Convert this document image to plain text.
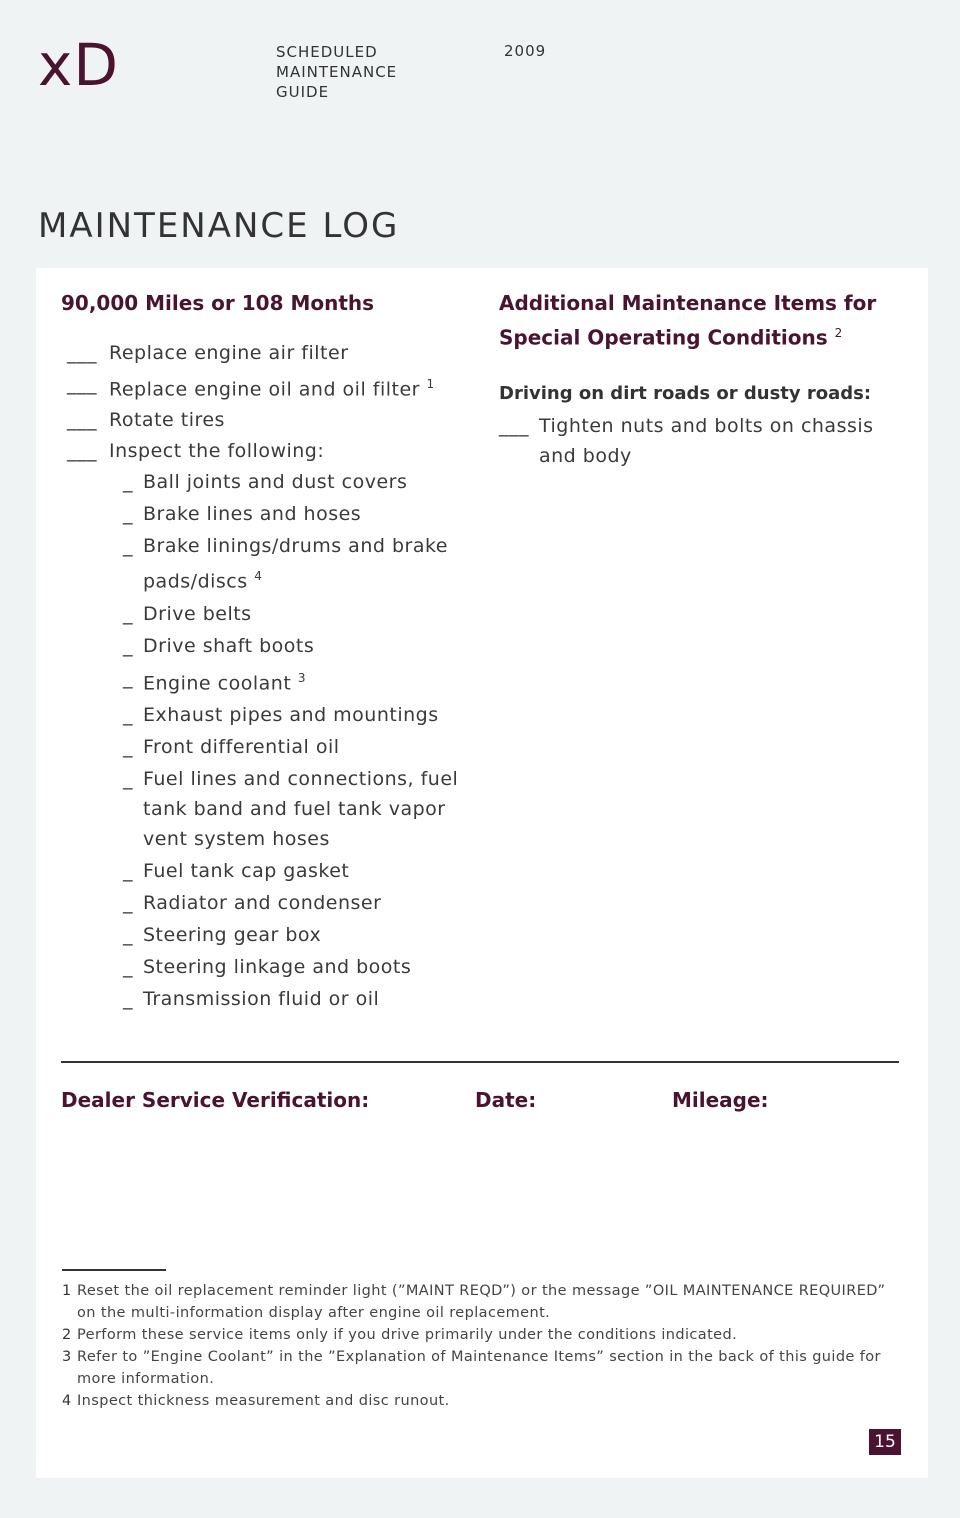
xD	SCHEDULED
MAINTENANCE
GUIDE
2009
MAINTENANCE LOG
90,000 Miles or 108 Months
___ Replace engine air filter
___ Replace engine oil and oil filter $^1$
___ Rotate tires
___ Inspect the following:
_ Ball joints and dust covers
_ Brake lines and hoses
_ Brake linings/drums and brake pads/discs $^4$
_ Drive belts
_ Drive shaft boots
_ Engine coolant $^3$
_ Exhaust pipes and mountings
_ Front differential oil
_ Fuel lines and connections, fuel tank band and fuel tank vapor vent system hoses
_ Fuel tank cap gasket
_ Radiator and condenser
_ Steering gear box
_ Steering linkage and boots
_ Transmission fluid or oil
Additional Maintenance Items for Special Operating Conditions $^2$
Driving on dirt roads or dusty roads:
___ Tighten nuts and bolts on chassis and body
Dealer Service Verification:	Date:	Mileage:
1 Reset the oil replacement reminder light (”MAINT REQD”) or the message ”OIL MAINTENANCE REQUIRED” on the multi-information display after engine oil replacement.
2 Perform these service items only if you drive primarily under the conditions indicated.
3 Refer to ”Engine Coolant” in the ”Explanation of Maintenance Items” section in the back of this guide for more information.
4 Inspect thickness measurement and disc runout.
15
